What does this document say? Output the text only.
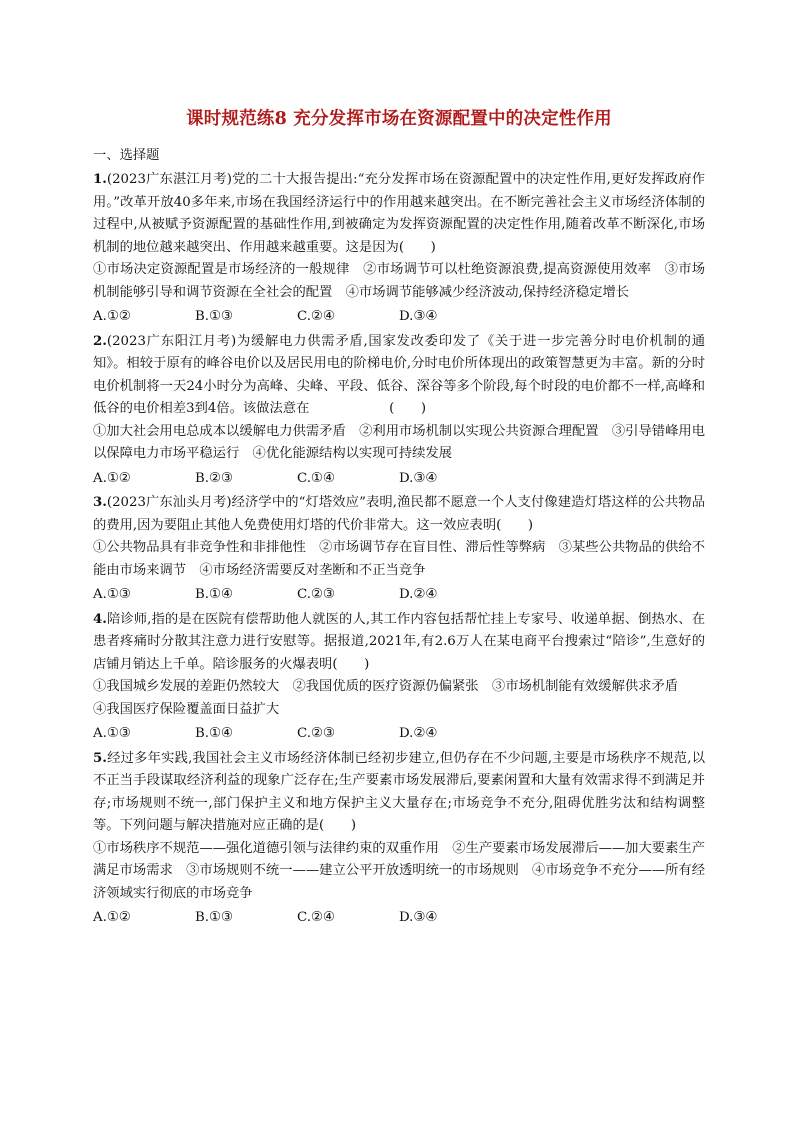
课时规范练8 充分发挥市场在资源配置中的决定性作用
一、选择题

1.(2023广东湛江月考)党的二十大报告提出:“充分发挥市场在资源配置中的决定性作用,更好发挥政府作用。”改革开放40多年来,市场在我国经济运行中的作用越来越突出。在不断完善社会主义市场经济体制的过程中,从被赋予资源配置的基础性作用,到被确定为发挥资源配置的决定性作用,随着改革不断深化,市场机制的地位越来越突出、作用越来越重要。这是因为(　　)

①市场决定资源配置是市场经济的一般规律　②市场调节可以杜绝资源浪费,提高资源使用效率　③市场机制能够引导和调节资源在全社会的配置　④市场调节能够减少经济波动,保持经济稳定增长

A.①②	B.①③	C.②④	D.③④

2.(2023广东阳江月考)为缓解电力供需矛盾,国家发改委印发了《关于进一步完善分时电价机制的通知》。相较于原有的峰谷电价以及居民用电的阶梯电价,分时电价所体现出的政策智慧更为丰富。新的分时电价机制将一天24小时分为高峰、尖峰、平段、低谷、深谷等多个阶段,每个时段的电价都不一样,高峰和低谷的电价相差3到4倍。该做法意在　　　　　　(　　)

①加大社会用电总成本以缓解电力供需矛盾　②利用市场机制以实现公共资源合理配置　③引导错峰用电以保障电力市场平稳运行　④优化能源结构以实现可持续发展

A.①②	B.②③	C.①④	D.③④

3.(2023广东汕头月考)经济学中的“灯塔效应”表明,渔民都不愿意一个人支付像建造灯塔这样的公共物品的费用,因为要阻止其他人免费使用灯塔的代价非常大。这一效应表明(　　)

①公共物品具有非竞争性和非排他性　②市场调节存在盲目性、滞后性等弊病　③某些公共物品的供给不能由市场来调节　④市场经济需要反对垄断和不正当竞争

A.①③	B.①④	C.②③	D.②④

4.陪诊师,指的是在医院有偿帮助他人就医的人,其工作内容包括帮忙挂上专家号、收递单据、倒热水、在患者疼痛时分散其注意力进行安慰等。据报道,2021年,有2.6万人在某电商平台搜索过“陪诊”,生意好的店铺月销达上千单。陪诊服务的火爆表明(　　)

①我国城乡发展的差距仍然较大　②我国优质的医疗资源仍偏紧张　③市场机制能有效缓解供求矛盾

④我国医疗保险覆盖面日益扩大

A.①③	B.①④	C.②③	D.②④

5.经过多年实践,我国社会主义市场经济体制已经初步建立,但仍存在不少问题,主要是市场秩序不规范,以不正当手段谋取经济利益的现象广泛存在;生产要素市场发展滞后,要素闲置和大量有效需求得不到满足并存;市场规则不统一,部门保护主义和地方保护主义大量存在;市场竞争不充分,阻碍优胜劣汰和结构调整等。下列问题与解决措施对应正确的是(　　)

①市场秩序不规范——强化道德引领与法律约束的双重作用　②生产要素市场发展滞后——加大要素生产满足市场需求　③市场规则不统一——建立公平开放透明统一的市场规则　④市场竞争不充分——所有经济领域实行彻底的市场竞争

A.①②	B.①③	C.②④	D.③④
